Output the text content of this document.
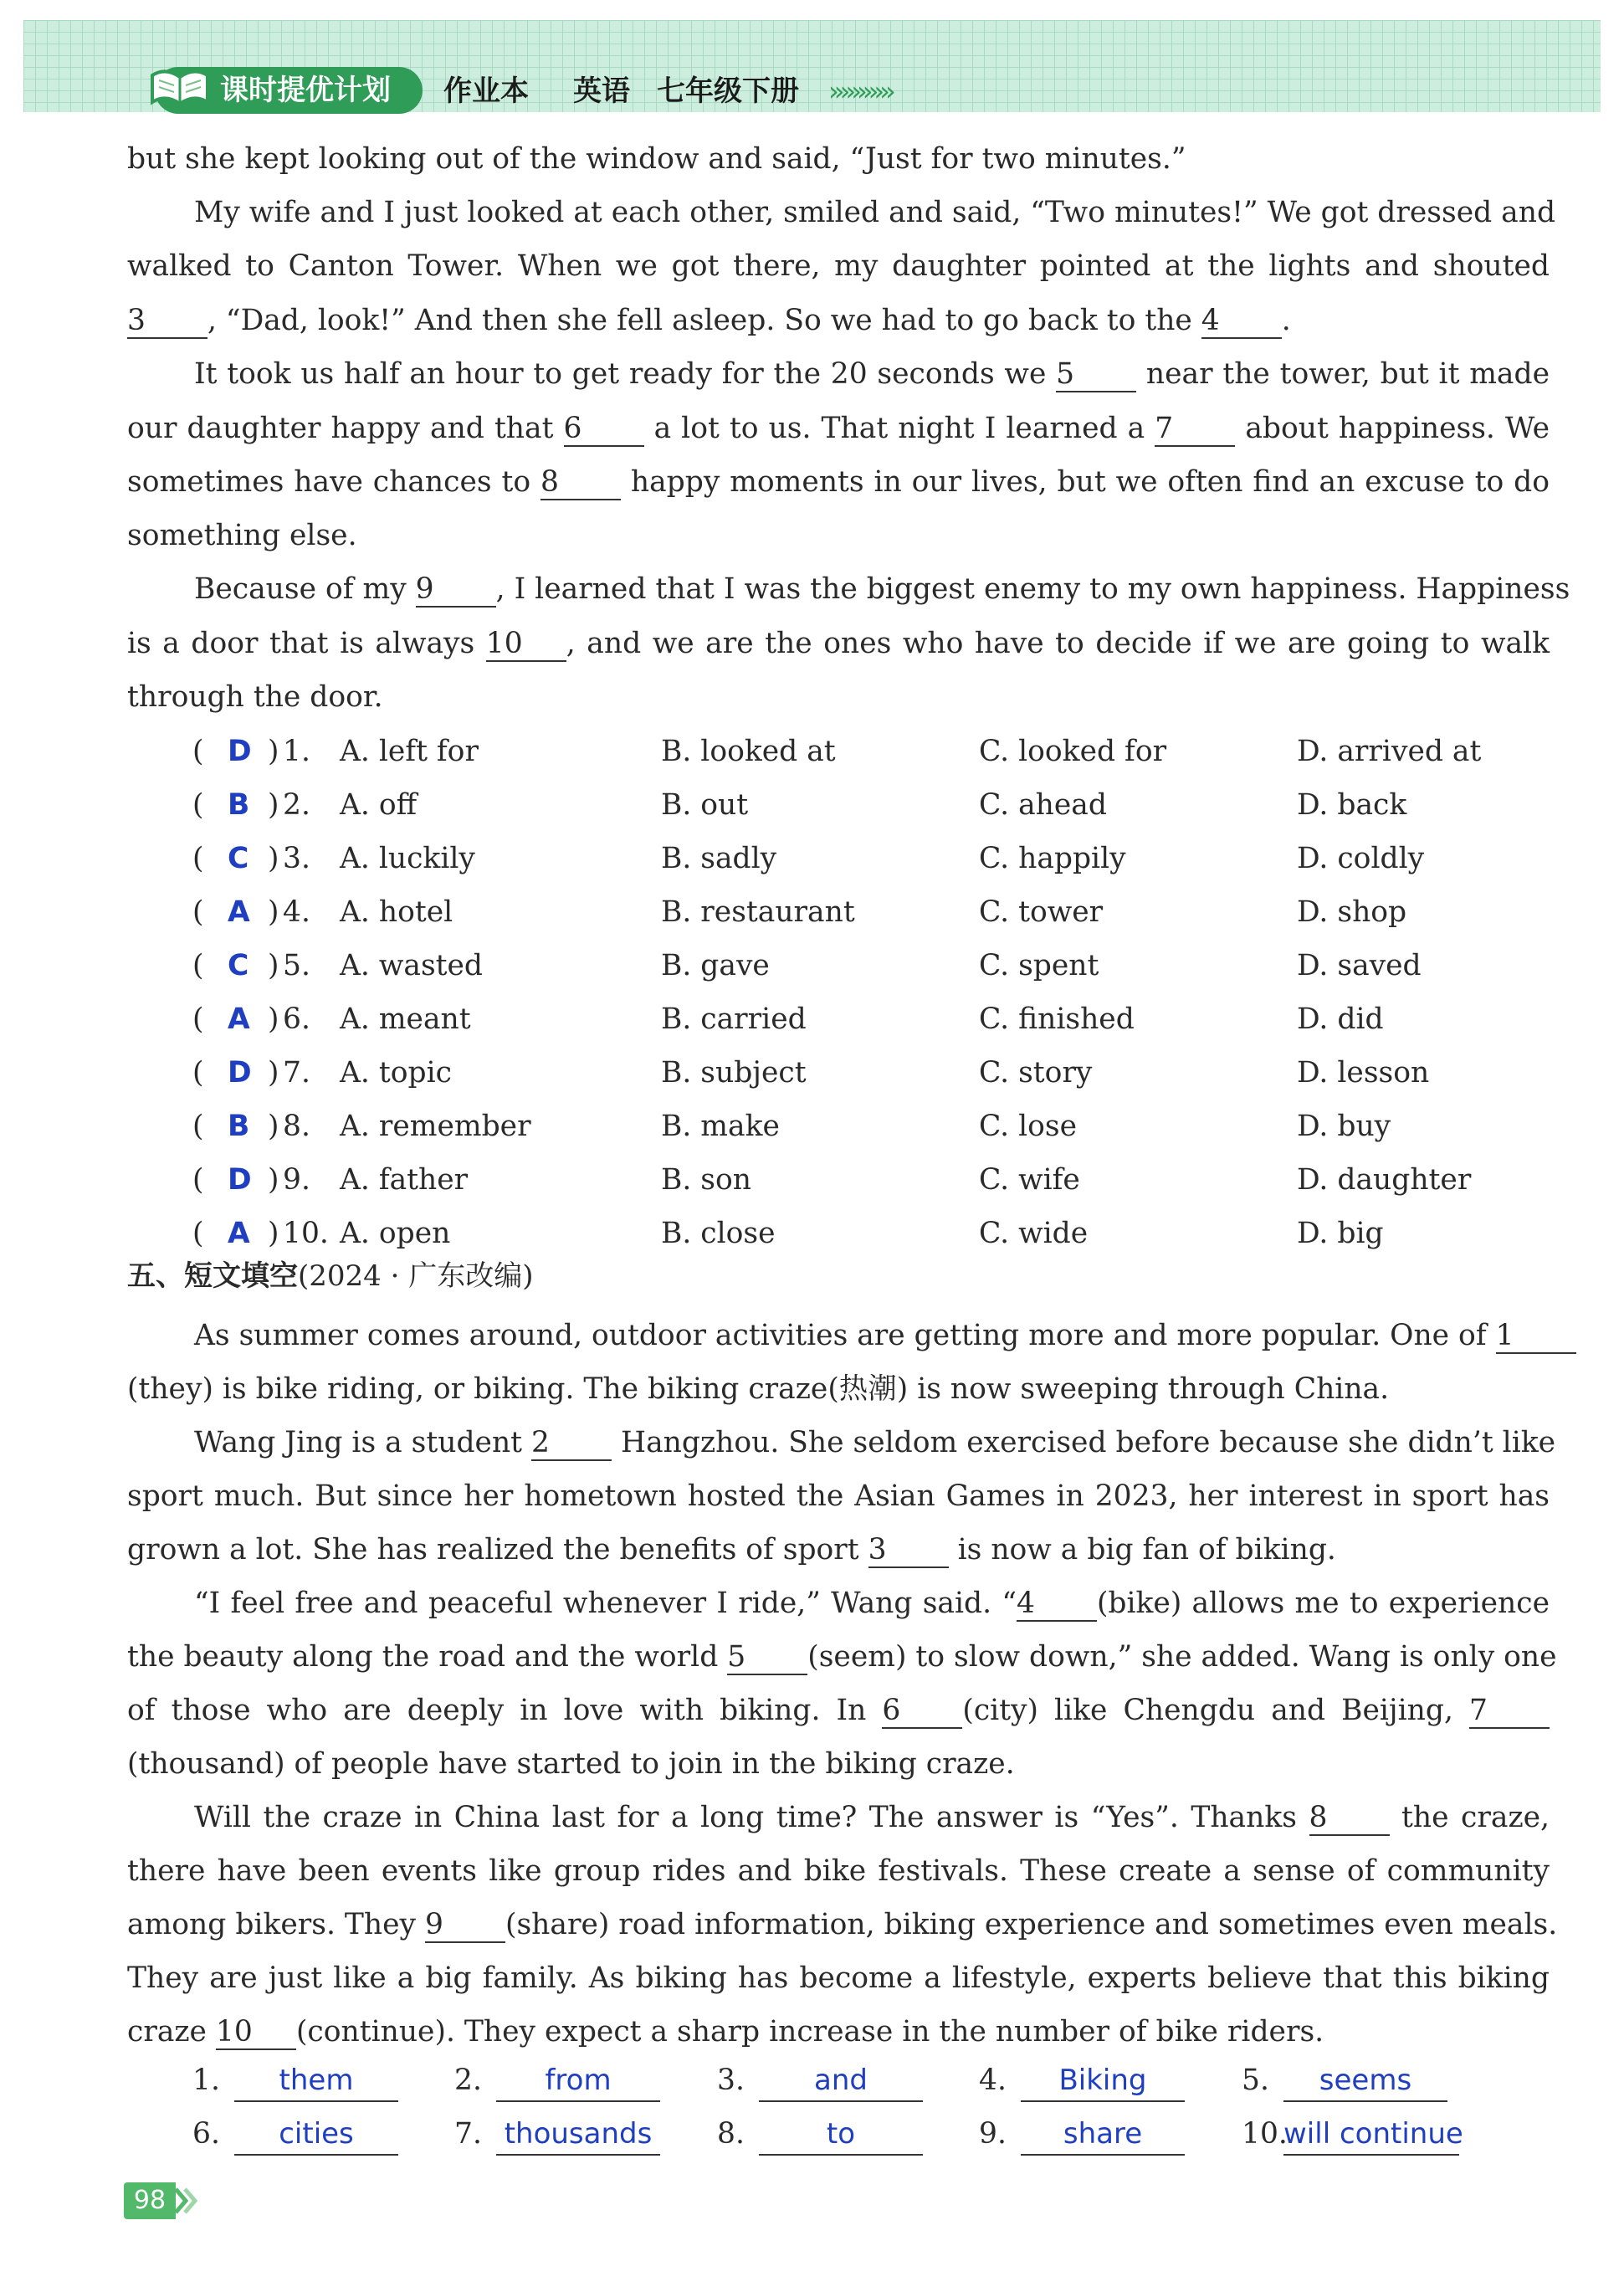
课时提优计划	作业本 英语 七年级下册 ›››››››››››
but she kept looking out of the window and said, “Just for two minutes.”
My wife and I just looked at each other, smiled and said, “Two minutes!” We got dressed and
walked to Canton Tower. When we got there, my daughter pointed at the lights and shouted
3 , “Dad, look!” And then she fell asleep. So we had to go back to the 4 .
It took us half an hour to get ready for the 20 seconds we 5 near the tower, but it made
our daughter happy and that 6 a lot to us. That night I learned a 7 about happiness. We
sometimes have chances to 8 happy moments in our lives, but we often find an excuse to do
something else.
Because of my 9 , I learned that I was the biggest enemy to my own happiness. Happiness
is a door that is always 10 , and we are the ones who have to decide if we are going to walk
through the door.
( D ) 1. A. left for	B. looked at	C. looked for	D. arrived at
( B ) 2. A. off	B. out	C. ahead	D. back
( C ) 3. A. luckily	B. sadly	C. happily	D. coldly
( A ) 4. A. hotel	B. restaurant	C. tower	D. shop
( C ) 5. A. wasted	B. gave	C. spent	D. saved
( A ) 6. A. meant	B. carried	C. finished	D. did
( D ) 7. A. topic	B. subject	C. story	D. lesson
( B ) 8. A. remember	B. make	C. lose	D. buy
( D ) 9. A. father	B. son	C. wife	D. daughter
( A ) 10. A. open	B. close	C. wide	D. big
五、短文填空(2024 · 广东改编)
As summer comes around, outdoor activities are getting more and more popular. One of 1
(they) is bike riding, or biking. The biking craze(热潮) is now sweeping through China.
Wang Jing is a student 2 Hangzhou. She seldom exercised before because she didn’t like
sport much. But since her hometown hosted the Asian Games in 2023, her interest in sport has
grown a lot. She has realized the benefits of sport 3 is now a big fan of biking.
“I feel free and peaceful whenever I ride,” Wang said. “4 (bike) allows me to experience
the beauty along the road and the world 5 (seem) to slow down,” she added. Wang is only one
of those who are deeply in love with biking. In 6 (city) like Chengdu and Beijing, 7
(thousand) of people have started to join in the biking craze.
Will the craze in China last for a long time? The answer is “Yes”. Thanks 8 the craze,
there have been events like group rides and bike festivals. These create a sense of community
among bikers. They 9 (share) road information, biking experience and sometimes even meals.
They are just like a big family. As biking has become a lifestyle, experts believe that this biking
craze 10 (continue). They expect a sharp increase in the number of bike riders.
1. them	2. from	3. and	4. Biking	5. seems
6. cities	7. thousands 8.	to	9. share	10.will continue
98
